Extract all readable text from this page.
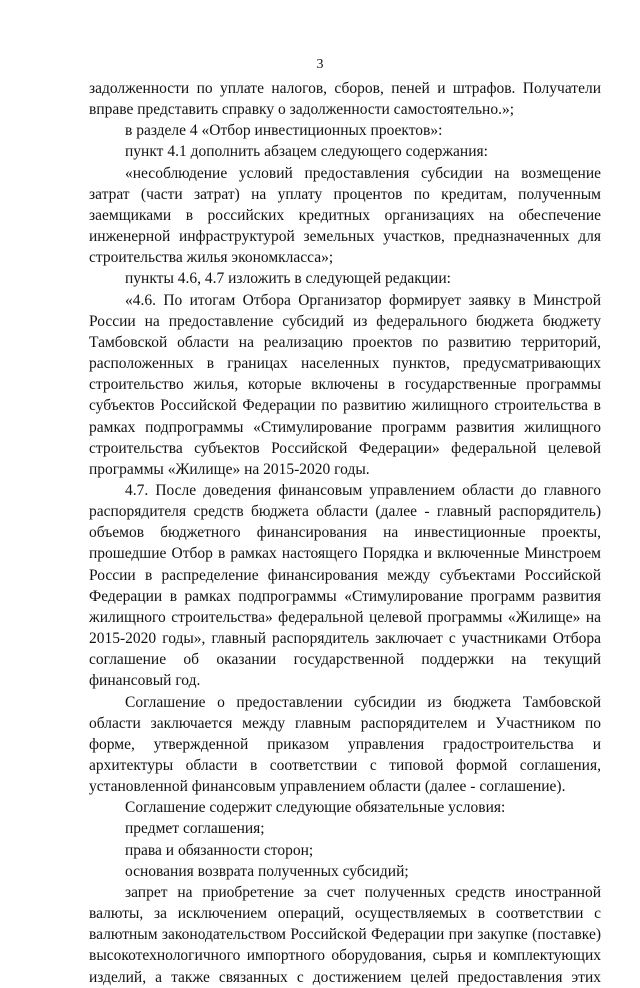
3

задолженности по уплате налогов, сборов, пеней и штрафов. Получатели вправе представить справку о задолженности самостоятельно.»;

в разделе 4 «Отбор инвестиционных проектов»:

пункт 4.1 дополнить абзацем следующего содержания:

«несоблюдение условий предоставления субсидии на возмещение затрат (части затрат) на уплату процентов по кредитам, полученным заемщиками в российских кредитных организациях на обеспечение инженерной инфраструктурой земельных участков, предназначенных для строительства жилья экономкласса»;

пункты 4.6, 4.7 изложить в следующей редакции:

«4.6. По итогам Отбора Организатор формирует заявку в Минстрой России на предоставление субсидий из федерального бюджета бюджету Тамбовской области на реализацию проектов по развитию территорий, расположенных в границах населенных пунктов, предусматривающих строительство жилья, которые включены в государственные программы субъектов Российской Федерации по развитию жилищного строительства в рамках подпрограммы «Стимулирование программ развития жилищного строительства субъектов Российской Федерации» федеральной целевой программы «Жилище» на 2015-2020 годы.

4.7. После доведения финансовым управлением области до главного распорядителя средств бюджета области (далее - главный распорядитель) объемов бюджетного финансирования на инвестиционные проекты, прошедшие Отбор в рамках настоящего Порядка и включенные Минстроем России в распределение финансирования между субъектами Российской Федерации в рамках подпрограммы «Стимулирование программ развития жилищного строительства» федеральной целевой программы «Жилище» на 2015-2020 годы», главный распорядитель заключает с участниками Отбора соглашение об оказании государственной поддержки на текущий финансовый год.

Соглашение о предоставлении субсидии из бюджета Тамбовской области заключается между главным распорядителем и Участником по форме, утвержденной приказом управления градостроительства и архитектуры области в соответствии с типовой формой соглашения, установленной финансовым управлением области (далее - соглашение).

Соглашение содержит следующие обязательные условия:

предмет соглашения;

права и обязанности сторон;

основания возврата полученных субсидий;

запрет на приобретение за счет полученных средств иностранной валюты, за исключением операций, осуществляемых в соответствии с валютным законодательством Российской Федерации при закупке (поставке) высокотехнологичного импортного оборудования, сырья и комплектующих изделий, а также связанных с достижением целей предоставления этих
